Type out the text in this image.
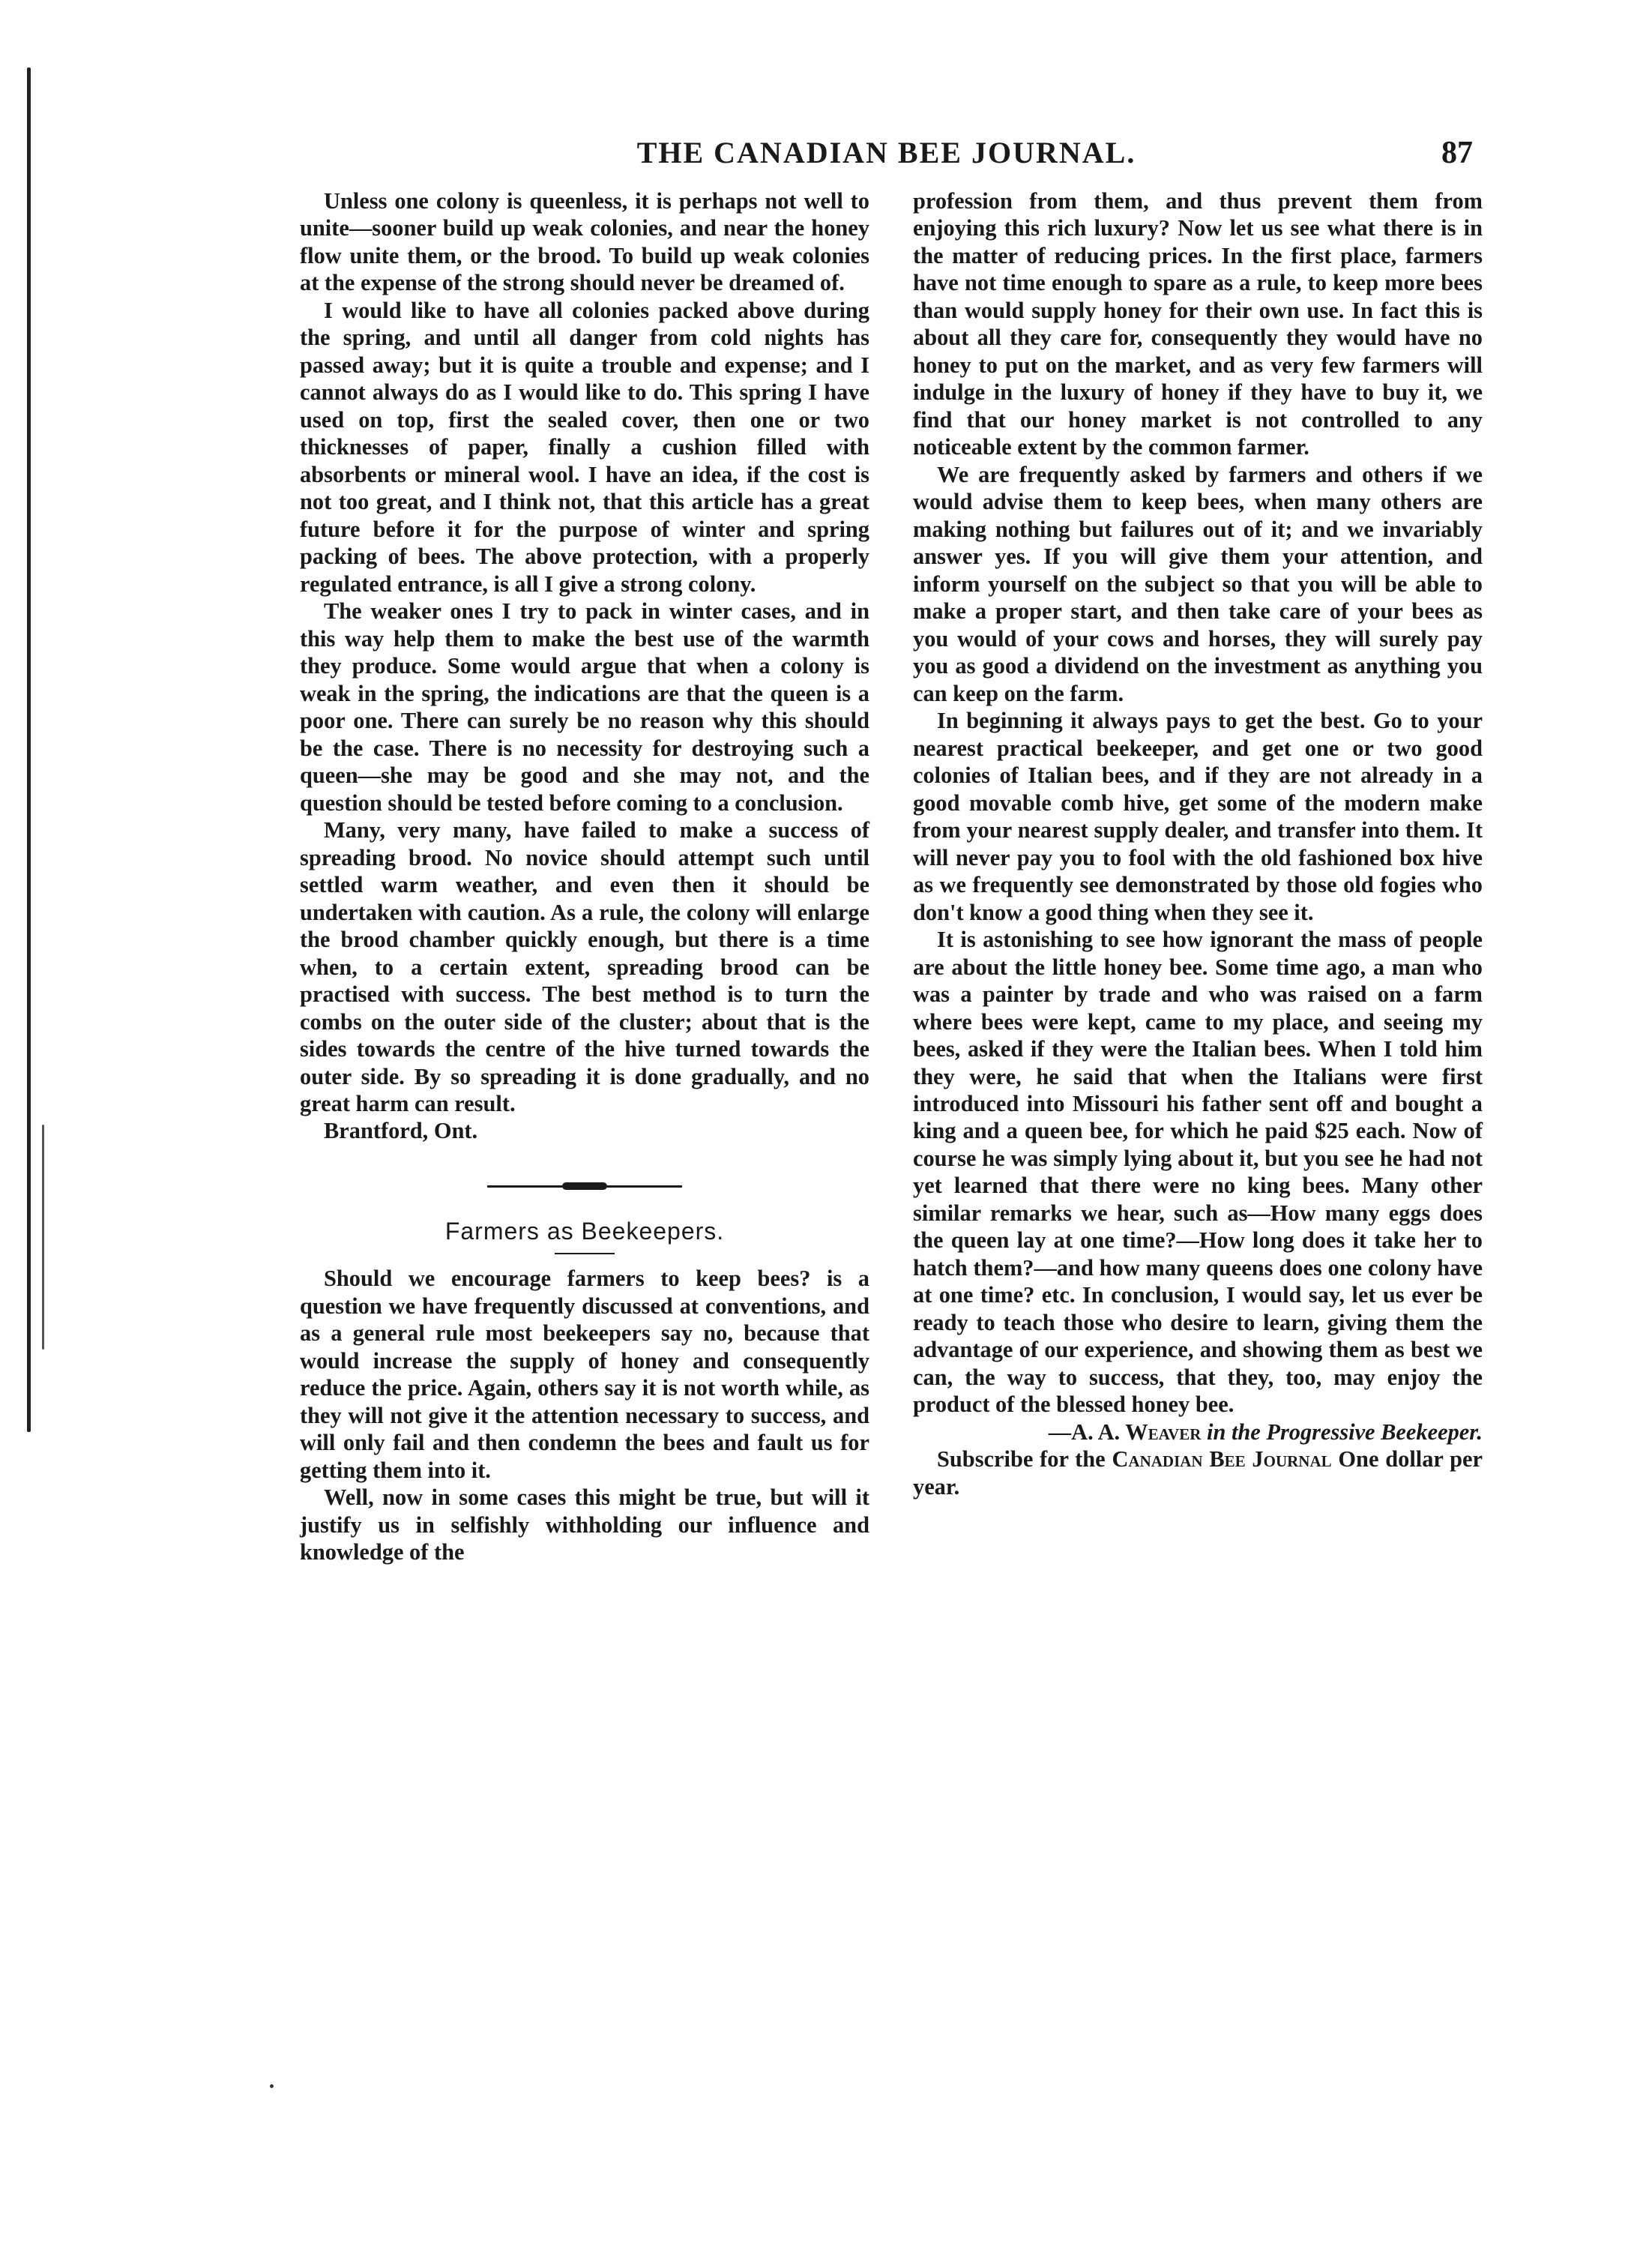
THE CANADIAN BEE JOURNAL.	87

Unless one colony is queenless, it is perhaps not well to unite—sooner build up weak colonies, and near the honey flow unite them, or the brood. To build up weak colonies at the expense of the strong should never be dreamed of.

I would like to have all colonies packed above during the spring, and until all danger from cold nights has passed away; but it is quite a trouble and expense; and I cannot always do as I would like to do. This spring I have used on top, first the sealed cover, then one or two thicknesses of paper, finally a cushion filled with absorbents or mineral wool. I have an idea, if the cost is not too great, and I think not, that this article has a great future before it for the purpose of winter and spring packing of bees. The above protection, with a properly regulated entrance, is all I give a strong colony.

The weaker ones I try to pack in winter cases, and in this way help them to make the best use of the warmth they produce. Some would argue that when a colony is weak in the spring, the indications are that the queen is a poor one. There can surely be no reason why this should be the case. There is no necessity for destroying such a queen—she may be good and she may not, and the question should be tested before coming to a conclusion.

Many, very many, have failed to make a success of spreading brood. No novice should attempt such until settled warm weather, and even then it should be undertaken with caution. As a rule, the colony will enlarge the brood chamber quickly enough, but there is a time when, to a certain extent, spreading brood can be practised with success. The best method is to turn the combs on the outer side of the cluster; about that is the sides towards the centre of the hive turned towards the outer side. By so spreading it is done gradually, and no great harm can result.

Brantford, Ont.

Farmers as Beekeepers.

Should we encourage farmers to keep bees? is a question we have frequently discussed at conventions, and as a general rule most beekeepers say no, because that would increase the supply of honey and consequently reduce the price. Again, others say it is not worth while, as they will not give it the attention necessary to success, and will only fail and then condemn the bees and fault us for getting them into it.

Well, now in some cases this might be true, but will it justify us in selfishly withholding our influence and knowledge of the

profession from them, and thus prevent them from enjoying this rich luxury? Now let us see what there is in the matter of reducing prices. In the first place, farmers have not time enough to spare as a rule, to keep more bees than would supply honey for their own use. In fact this is about all they care for, consequently they would have no honey to put on the market, and as very few farmers will indulge in the luxury of honey if they have to buy it, we find that our honey market is not controlled to any noticeable extent by the common farmer.

We are frequently asked by farmers and others if we would advise them to keep bees, when many others are making nothing but failures out of it; and we invariably answer yes. If you will give them your attention, and inform yourself on the subject so that you will be able to make a proper start, and then take care of your bees as you would of your cows and horses, they will surely pay you as good a dividend on the investment as anything you can keep on the farm.

In beginning it always pays to get the best. Go to your nearest practical beekeeper, and get one or two good colonies of Italian bees, and if they are not already in a good movable comb hive, get some of the modern make from your nearest supply dealer, and transfer into them. It will never pay you to fool with the old fashioned box hive as we frequently see demonstrated by those old fogies who don't know a good thing when they see it.

It is astonishing to see how ignorant the mass of people are about the little honey bee. Some time ago, a man who was a painter by trade and who was raised on a farm where bees were kept, came to my place, and seeing my bees, asked if they were the Italian bees. When I told him they were, he said that when the Italians were first introduced into Missouri his father sent off and bought a king and a queen bee, for which he paid $25 each. Now of course he was simply lying about it, but you see he had not yet learned that there were no king bees. Many other similar remarks we hear, such as—How many eggs does the queen lay at one time?—How long does it take her to hatch them?—and how many queens does one colony have at one time? etc. In conclusion, I would say, let us ever be ready to teach those who desire to learn, giving them the advantage of our experience, and showing them as best we can, the way to success, that they, too, may enjoy the product of the blessed honey bee.

—A. A. Weaver in the Progressive Beekeeper.

Subscribe for the Canadian Bee Journal One dollar per year.
